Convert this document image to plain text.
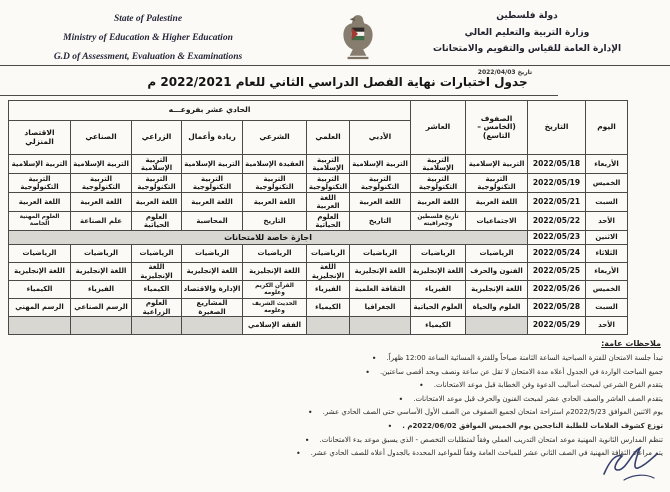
State of Palestine
Ministry of Education & Higher Education
G.D of Assessment, Evaluation & Examinations
دولة فلسطين
وزارة التربية والتعليم العالي
الإدارة العامة للقياس والتقويم والامتحانات
تاريخ 2022/04/03
جدول اختبارات نهاية الفصل الدراسي الثاني للعام 2022/2021 م
اليوم	التاريخ	الصفوف (الخامس – التاسع)	العاشر	الحادي عشر بفروعـــه						
				الأدبي	العلمي	الشرعي	ريادة وأعمال	الزراعي	الصناعي	الاقتصاد المنزلي
الأربعاء	2022/05/18	التربية الإسلامية	التربية الإسلامية	التربية الإسلامية	التربية الإسلامية	العقيدة الإسلامية	التربية الإسلامية	التربية الإسلامية	التربية الإسلامية	التربية الإسلامية
الخميس	2022/05/19	التربية التكنولوجية	التربية التكنولوجية	التربية التكنولوجية	التربية التكنولوجية	التربية التكنولوجية	التربية التكنولوجية	التربية التكنولوجية	التربية التكنولوجية	التربية التكنولوجية
السبت	2022/05/21	اللغة العربية	اللغة العربية	اللغة العربية	اللغة العربية	اللغة العربية	اللغة العربية	اللغة العربية	اللغة العربية	اللغة العربية
الأحد	2022/05/22	الاجتماعيات	تاريخ فلسطين وجغرافيته	التاريخ	العلوم الحياتية	التاريخ	المحاسبة	العلوم الحياتية	علم الصناعة	العلوم المهنية الخاصة
الاثنين	2022/05/23	اجازة خاصة للامتحانات								
الثلاثاء	2022/05/24	الرياضيات	الرياضيات	الرياضيات	الرياضيات	الرياضيات	الرياضيات	الرياضيات	الرياضيات	الرياضيات
الأربعاء	2022/05/25	الفنون والحرف	اللغة الإنجليزية	اللغة الإنجليزية	اللغة الإنجليزية	اللغة الإنجليزية	اللغة الإنجليزية	اللغة الإنجليزية	اللغة الإنجليزية	اللغة الإنجليزية
الخميس	2022/05/26	اللغة الإنجليزية	الفيزياء	الثقافة العلمية	الفيزياء	القرآن الكريم وعلومه	الإدارة والاقتصاد	الكيمياء	الفيزياء	الكيمياء
السبت	2022/05/28	العلوم والحياة	العلوم الحياتية	الجغرافيا	الكيمياء	الحديث الشريف وعلومه	المشاريع الصغيرة	العلوم الزراعية	الرسم الصناعي	الرسم المهني
الأحد	2022/05/29		الكيمياء			الفقه الإسلامي				
ملاحظات عامة:
تبدأ جلسة الامتحان للفترة الصباحية الساعة الثامنة صباحاً وللفترة المسائية الساعة 12:00 ظهراً.
•
جميع المباحث الواردة في الجدول أعلاه مدة الامتحان لا تقل عن ساعة ونصف وبحد أقصى ساعتين.
•
يتقدم الفرع الشرعي لمبحث أساليب الدعوة وفن الخطابة قبل موعد الامتحانات.
•
يتقدم الصف العاشر والصف الحادي عشر لمبحث الفنون والحرف قبل موعد الامتحانات.
•
يوم الاثنين الموافق 2022/5/23م استراحة امتحان لجميع الصفوف من الصف الأول الأساسي حتى الصف الحادي عشر.
•
توزع كشوف العلامات للطلبة الناجحين يوم الخميس الموافق 2022/06/02م .
•
تنظم المدارس الثانوية المهنية موعد امتحان التدريب العملي وفقاً لمتطلبات التخصص - الذي يسبق موعد بدء الامتحانات.
•
يتم مراعاة الثقافة المهنية في الصف الثاني عشر للمباحث العامة وفقاً للمواعيد المحددة بالجدول أعلاه للصف الحادي عشر.
•
